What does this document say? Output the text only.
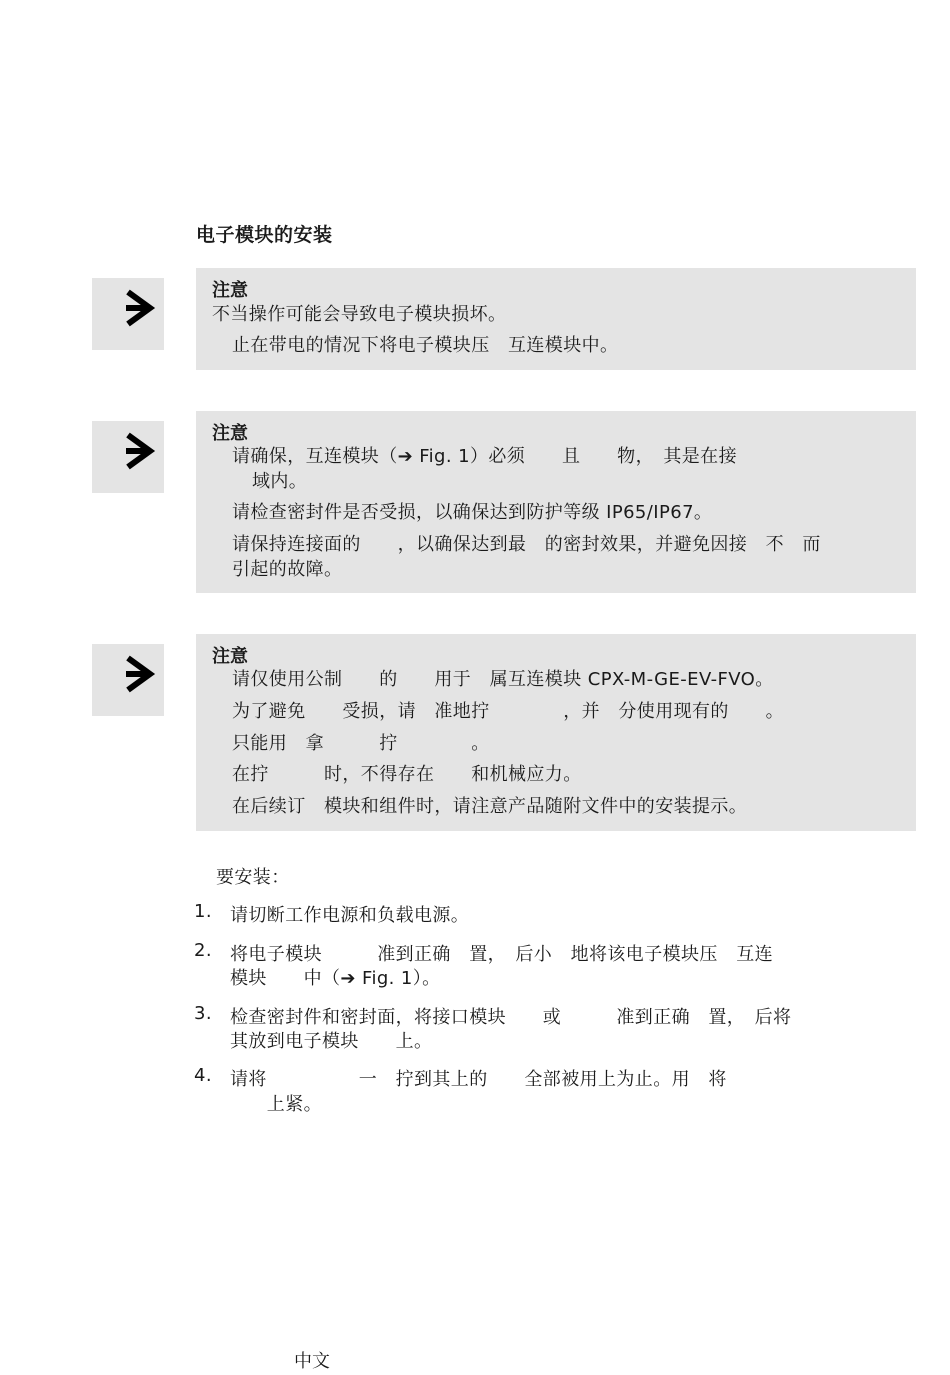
电子模块的安装
注意
不当操作可能会导致电子模块损坏。
止在带电的情况下将电子模块压　互连模块中。
注意
请确保，互连模块（➔ Fig. 1）必须　　且　　物，　其是在接
域内。
请检查密封件是否受损，以确保达到防护等级 IP65/IP67。
请保持连接面的　　，以确保达到最　的密封效果，并避免因接　不　而
引起的故障。
注意
请仅使用公制　　的　　用于　属互连模块 CPX-M-GE-EV-FVO。
为了避免　　受损，请　准地拧　　　　，并　分使用现有的　　。
只能用　拿　　　拧　　　　。
在拧　　　时，不得存在　　和机械应力。
在后续订　模块和组件时，请注意产品随附文件中的安装提示。
要安装：
1. 请切断工作电源和负载电源。
2. 将电子模块　　　准到正确　置，　后小　地将该电子模块压　互连
模块　　中（➔ Fig. 1）。
3. 检查密封件和密封面，将接口模块　　或　　　准到正确　置，　后将
其放到电子模块　　上。
4. 请将　　　　　一　拧到其上的　　全部被用上为止。用　将
　　上紧。
中文
